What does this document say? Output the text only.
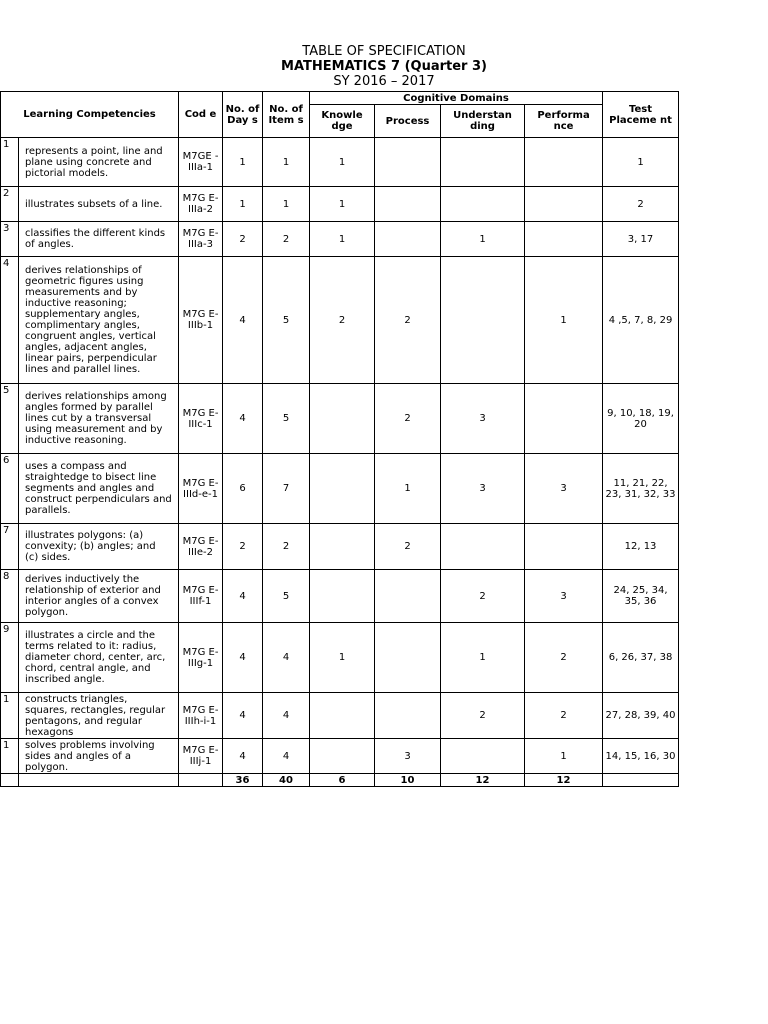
TABLE OF SPECIFICATION
MATHEMATICS 7 (Quarter 3)
SY 2016 – 2017
Learning Competencies		Cod e	No. of Day s	No. of Item s	Cognitive Domains				Test Placeme nt
					Knowle dge	Process	Understan ding	Performa nce	
1	represents a point, line and plane using concrete and pictorial models.	M7GE -IIIa-1	1	1	1				1
2	illustrates subsets of a line.	M7G E-IIIa-2	1	1	1				2
3	classifies the different kinds of angles.	M7G E-IIIa-3	2	2	1		1		3, 17
4	derives relationships of geometric figures using measurements and by inductive reasoning; supplementary angles, complimentary angles, congruent angles, vertical angles, adjacent angles, linear pairs, perpendicular lines and parallel lines.	M7G E-IIIb-1	4	5	2	2		1	4 ,5, 7, 8, 29
5	derives relationships among angles formed by parallel lines cut by a transversal using measurement and by inductive reasoning.	M7G E-IIIc-1	4	5		2	3		9, 10, 18, 19, 20
6	uses a compass and straightedge to bisect line segments and angles and construct perpendiculars and parallels.	M7G E-IIId-e-1	6	7		1	3	3	11, 21, 22, 23, 31, 32, 33
7	illustrates polygons: (a) convexity; (b) angles; and (c) sides.	M7G E-IIIe-2	2	2		2			12, 13
8	derives inductively the relationship of exterior and interior angles of a convex polygon.	M7G E-IIIf-1	4	5			2	3	24, 25, 34, 35, 36
9	illustrates a circle and the terms related to it: radius, diameter chord, center, arc, chord, central angle, and inscribed angle.	M7G E-IIIg-1	4	4	1		1	2	6, 26, 37, 38
1	constructs triangles, squares, rectangles, regular pentagons, and regular hexagons	M7G E-IIIh-i-1	4	4			2	2	27, 28, 39, 40
1	solves problems involving sides and angles of a polygon.	M7G E-IIIj-1	4	4		3		1	14, 15, 16, 30
			36	40	6	10	12	12	
